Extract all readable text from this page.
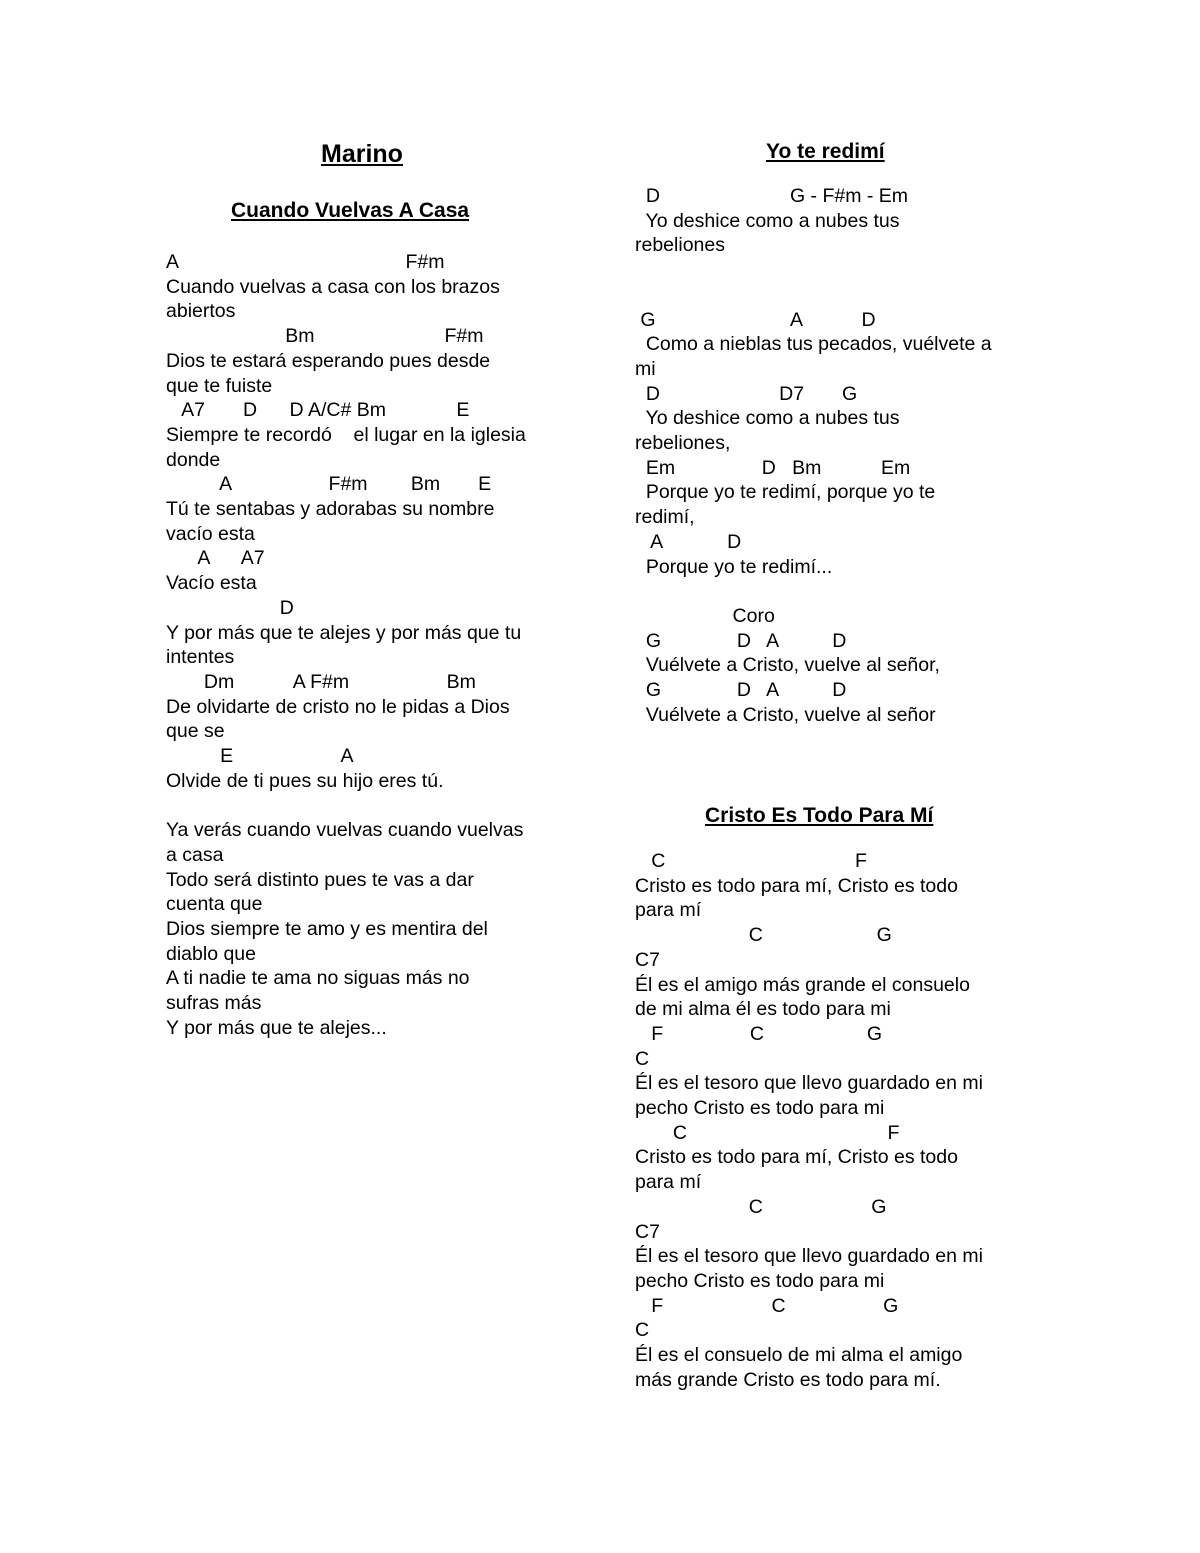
Marino
Cuando Vuelvas A Casa
A                                          F#m
Cuando vuelvas a casa con los brazos
abiertos
Bm                        F#m
Dios te estará esperando pues desde
que te fuiste
A7       D      D A/C# Bm             E
Siempre te recordó    el lugar en la iglesia
donde
A                  F#m        Bm       E
Tú te sentabas y adorabas su nombre
vacío esta
A      A7
Vacío esta
D
Y por más que te alejes y por más que tu
intentes
Dm           A F#m                  Bm
De olvidarte de cristo no le pidas a Dios
que se
E                    A
Olvide de ti pues su hijo eres tú.
Ya verás cuando vuelvas cuando vuelvas
a casa
Todo será distinto pues te vas a dar
cuenta que
Dios siempre te amo y es mentira del
diablo que
A ti nadie te ama no siguas más no
sufras más
Y por más que te alejes...
Yo te redimí
D                        G - F#m - Em
Yo deshice como a nubes tus
rebeliones
G                         A           D
Como a nieblas tus pecados, vuélvete a
mi
D                      D7       G
Yo deshice como a nubes tus
rebeliones,
Em                D   Bm           Em
Porque yo te redimí, porque yo te
redimí,
A            D
Porque yo te redimí...
Coro
G              D   A          D
Vuélvete a Cristo, vuelve al señor,
G              D   A          D
Vuélvete a Cristo, vuelve al señor
Cristo Es Todo Para Mí
C                                   F
Cristo es todo para mí, Cristo es todo
para mí
C                     G
C7
Él es el amigo más grande el consuelo
de mi alma él es todo para mi
F                C                   G
C
Él es el tesoro que llevo guardado en mi
pecho Cristo es todo para mi
C                                     F
Cristo es todo para mí, Cristo es todo
para mí
C                    G
C7
Él es el tesoro que llevo guardado en mi
pecho Cristo es todo para mi
F                    C                  G
C
Él es el consuelo de mi alma el amigo
más grande Cristo es todo para mí.
